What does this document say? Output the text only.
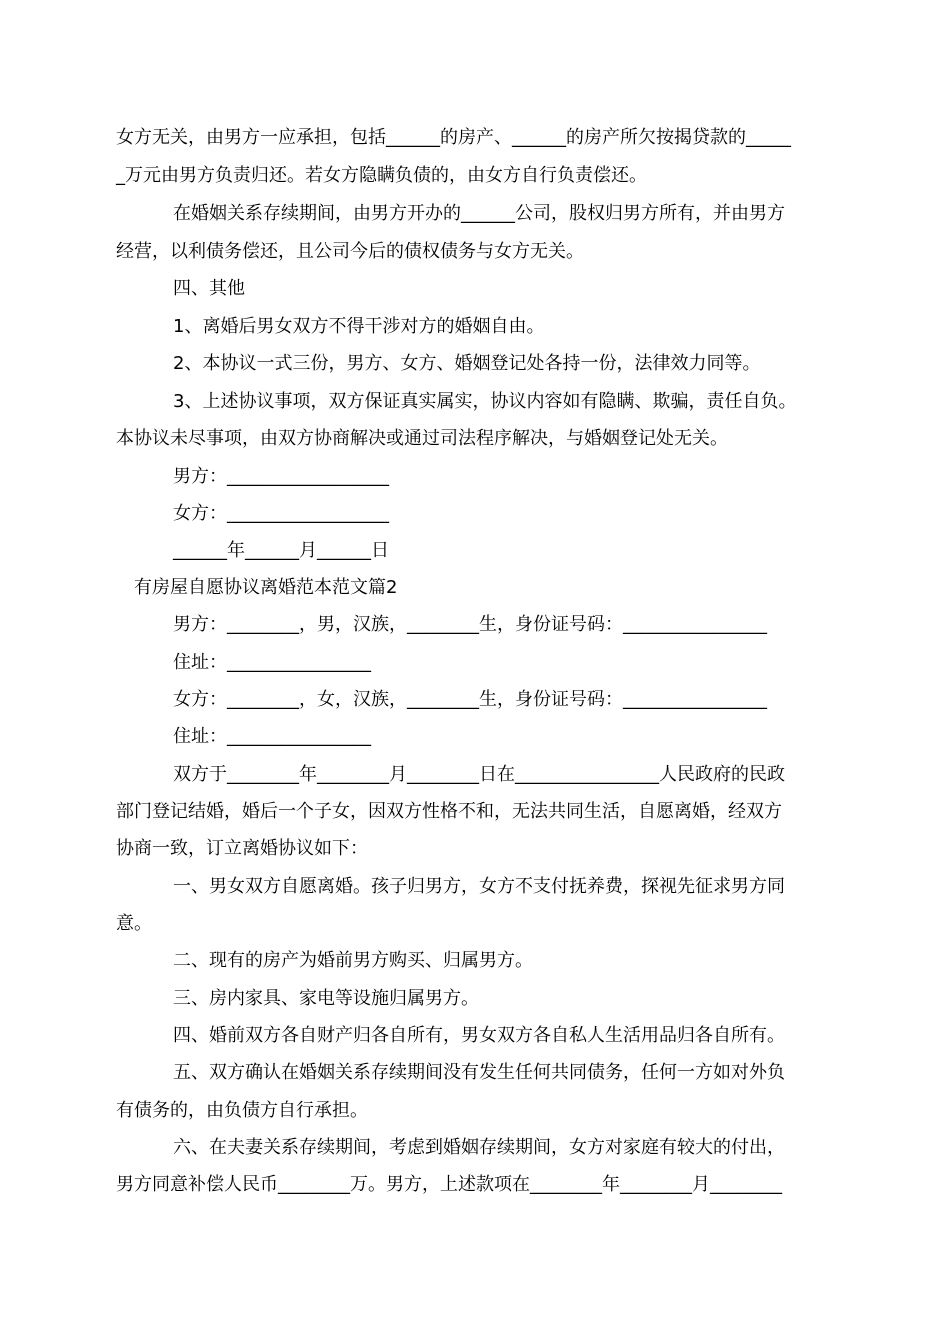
女方无关，由男方一应承担，包括______的房产、______的房产所欠按揭贷款的_____
_万元由男方负责归还。若女方隐瞒负债的，由女方自行负责偿还。
在婚姻关系存续期间，由男方开办的______公司，股权归男方所有，并由男方
经营，以利债务偿还，且公司今后的债权债务与女方无关。
四、其他
1、离婚后男女双方不得干涉对方的婚姻自由。
2、本协议一式三份，男方、女方、婚姻登记处各持一份，法律效力同等。
3、上述协议事项，双方保证真实属实，协议内容如有隐瞒、欺骗，责任自负。
本协议未尽事项，由双方协商解决或通过司法程序解决，与婚姻登记处无关。
男方：__________________
女方：__________________
______年______月______日
有房屋自愿协议离婚范本范文篇2
男方：________，男，汉族，________生，身份证号码：________________
住址：________________
女方：________，女，汉族，________生，身份证号码：________________
住址：________________
双方于________年________月________日在________________人民政府的民政
部门登记结婚，婚后一个子女，因双方性格不和，无法共同生活，自愿离婚，经双方
协商一致，订立离婚协议如下：
一、男女双方自愿离婚。孩子归男方，女方不支付抚养费，探视先征求男方同
意。
二、现有的房产为婚前男方购买、归属男方。
三、房内家具、家电等设施归属男方。
四、婚前双方各自财产归各自所有，男女双方各自私人生活用品归各自所有。
五、双方确认在婚姻关系存续期间没有发生任何共同债务，任何一方如对外负
有债务的，由负债方自行承担。
六、在夫妻关系存续期间，考虑到婚姻存续期间，女方对家庭有较大的付出，
男方同意补偿人民币________万。男方，上述款项在________年________月________
